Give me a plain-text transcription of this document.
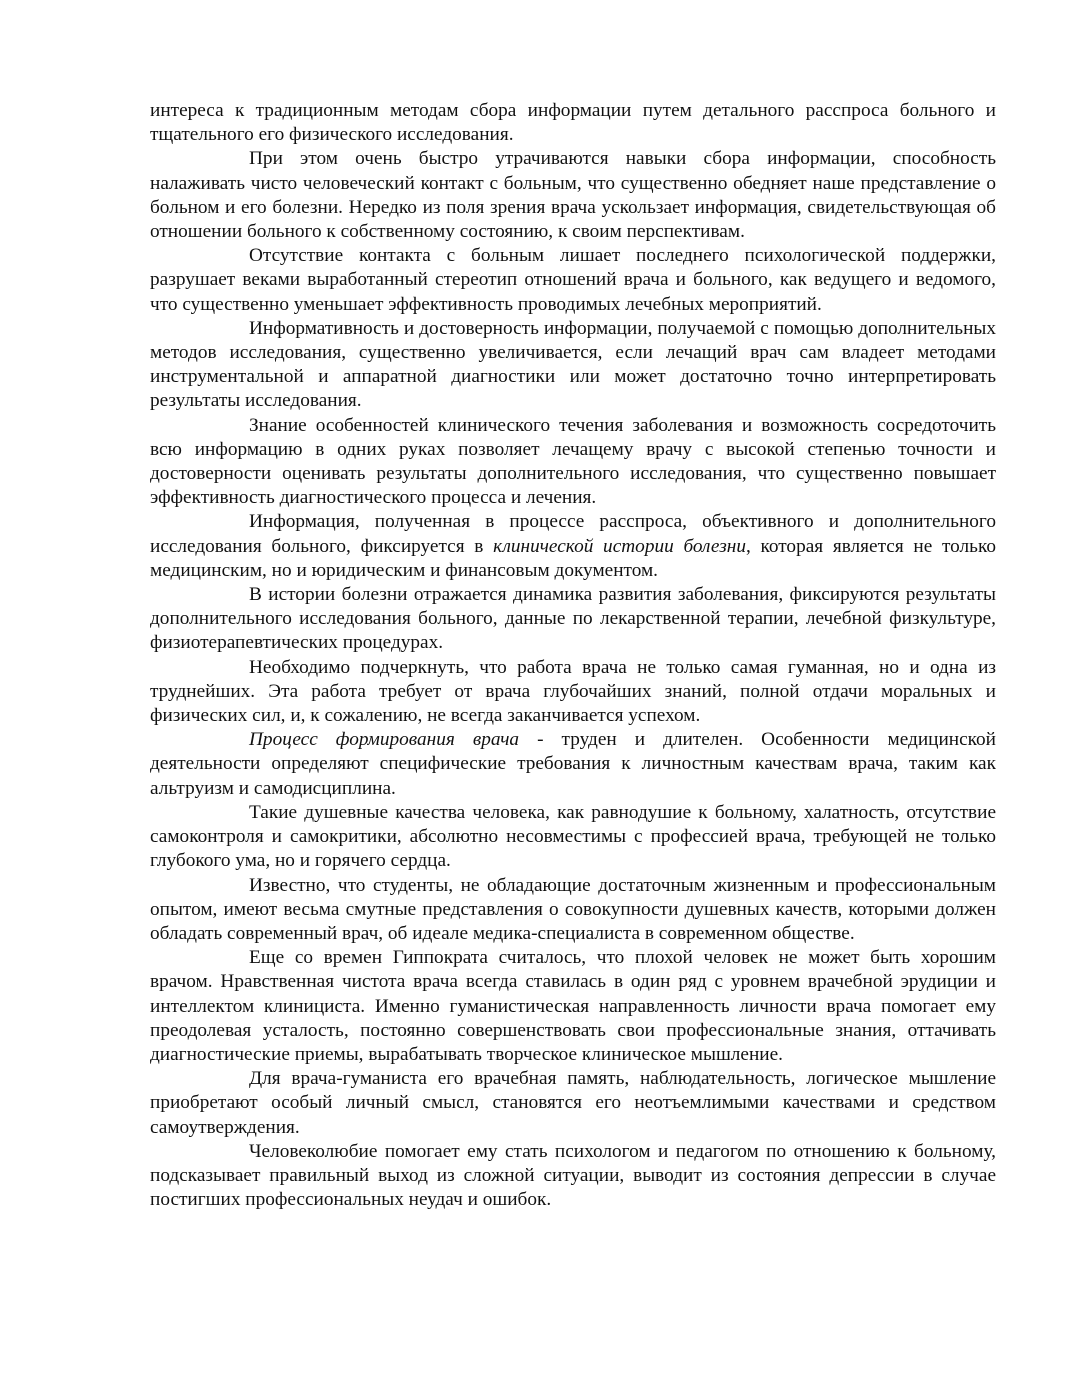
интереса к традиционным методам сбора информации путем детального расспроса больного и тщательного его физического исследования.

При этом очень быстро утрачиваются навыки сбора информации, способность налаживать чисто человеческий контакт с больным, что существенно обедняет наше представление о больном и его болезни. Нередко из поля зрения врача ускользает информация, свидетельствующая об отношении больного к собственному состоянию, к своим перспективам.

Отсутствие контакта с больным лишает последнего психологической поддержки, разрушает веками выработанный стереотип отношений врача и больного, как ведущего и ведомого, что существенно уменьшает эффективность проводимых лечебных мероприятий.

Информативность и достоверность информации, получаемой с помощью дополнительных методов исследования, существенно увеличивается, если лечащий врач сам владеет методами инструментальной и аппаратной диагностики или может достаточно точно интерпретировать результаты исследования.

Знание особенностей клинического течения заболевания и возможность сосредоточить всю информацию в одних руках позволяет лечащему врачу с высокой степенью точности и достоверности оценивать результаты дополнительного исследования, что существенно повышает эффективность диагностического процесса и лечения.

Информация, полученная в процессе расспроса, объективного и дополнительного исследования больного, фиксируется в клинической истории болезни, которая является не только медицинским, но и юридическим и финансовым документом.

В истории болезни отражается динамика развития заболевания, фиксируются результаты дополнительного исследования больного, данные по лекарственной терапии, лечебной физкультуре, физиотерапевтических процедурах.

Необходимо подчеркнуть, что работа врача не только самая гуманная, но и одна из труднейших. Эта работа требует от врача глубочайших знаний, полной отдачи моральных и физических сил, и, к сожалению, не всегда заканчивается успехом.

Процесс формирования врача - труден и длителен. Особенности медицинской деятельности определяют специфические требования к личностным качествам врача, таким как альтруизм и самодисциплина.

Такие душевные качества человека, как равнодушие к больному, халатность, отсутствие самоконтроля и самокритики, абсолютно несовместимы с профессией врача, требующей не только глубокого ума, но и горячего сердца.

Известно, что студенты, не обладающие достаточным жизненным и профессиональным опытом, имеют весьма смутные представления о совокупности душевных качеств, которыми должен обладать современный врач, об идеале медика-специалиста в современном обществе.

Еще со времен Гиппократа считалось, что плохой человек не может быть хорошим врачом. Нравственная чистота врача всегда ставилась в один ряд с уровнем врачебной эрудиции и интеллектом клинициста. Именно гуманистическая направленность личности врача помогает ему преодолевая усталость, постоянно совершенствовать свои профессиональные знания, оттачивать диагностические приемы, вырабатывать творческое клиническое мышление.

Для врача-гуманиста его врачебная память, наблюдательность, логическое мышление приобретают особый личный смысл, становятся его неотъемлимыми качествами и средством самоутверждения.

Человеколюбие помогает ему стать психологом и педагогом по отношению к больному, подсказывает правильный выход из сложной ситуации, выводит из состояния депрессии в случае постигших профессиональных неудач и ошибок.
